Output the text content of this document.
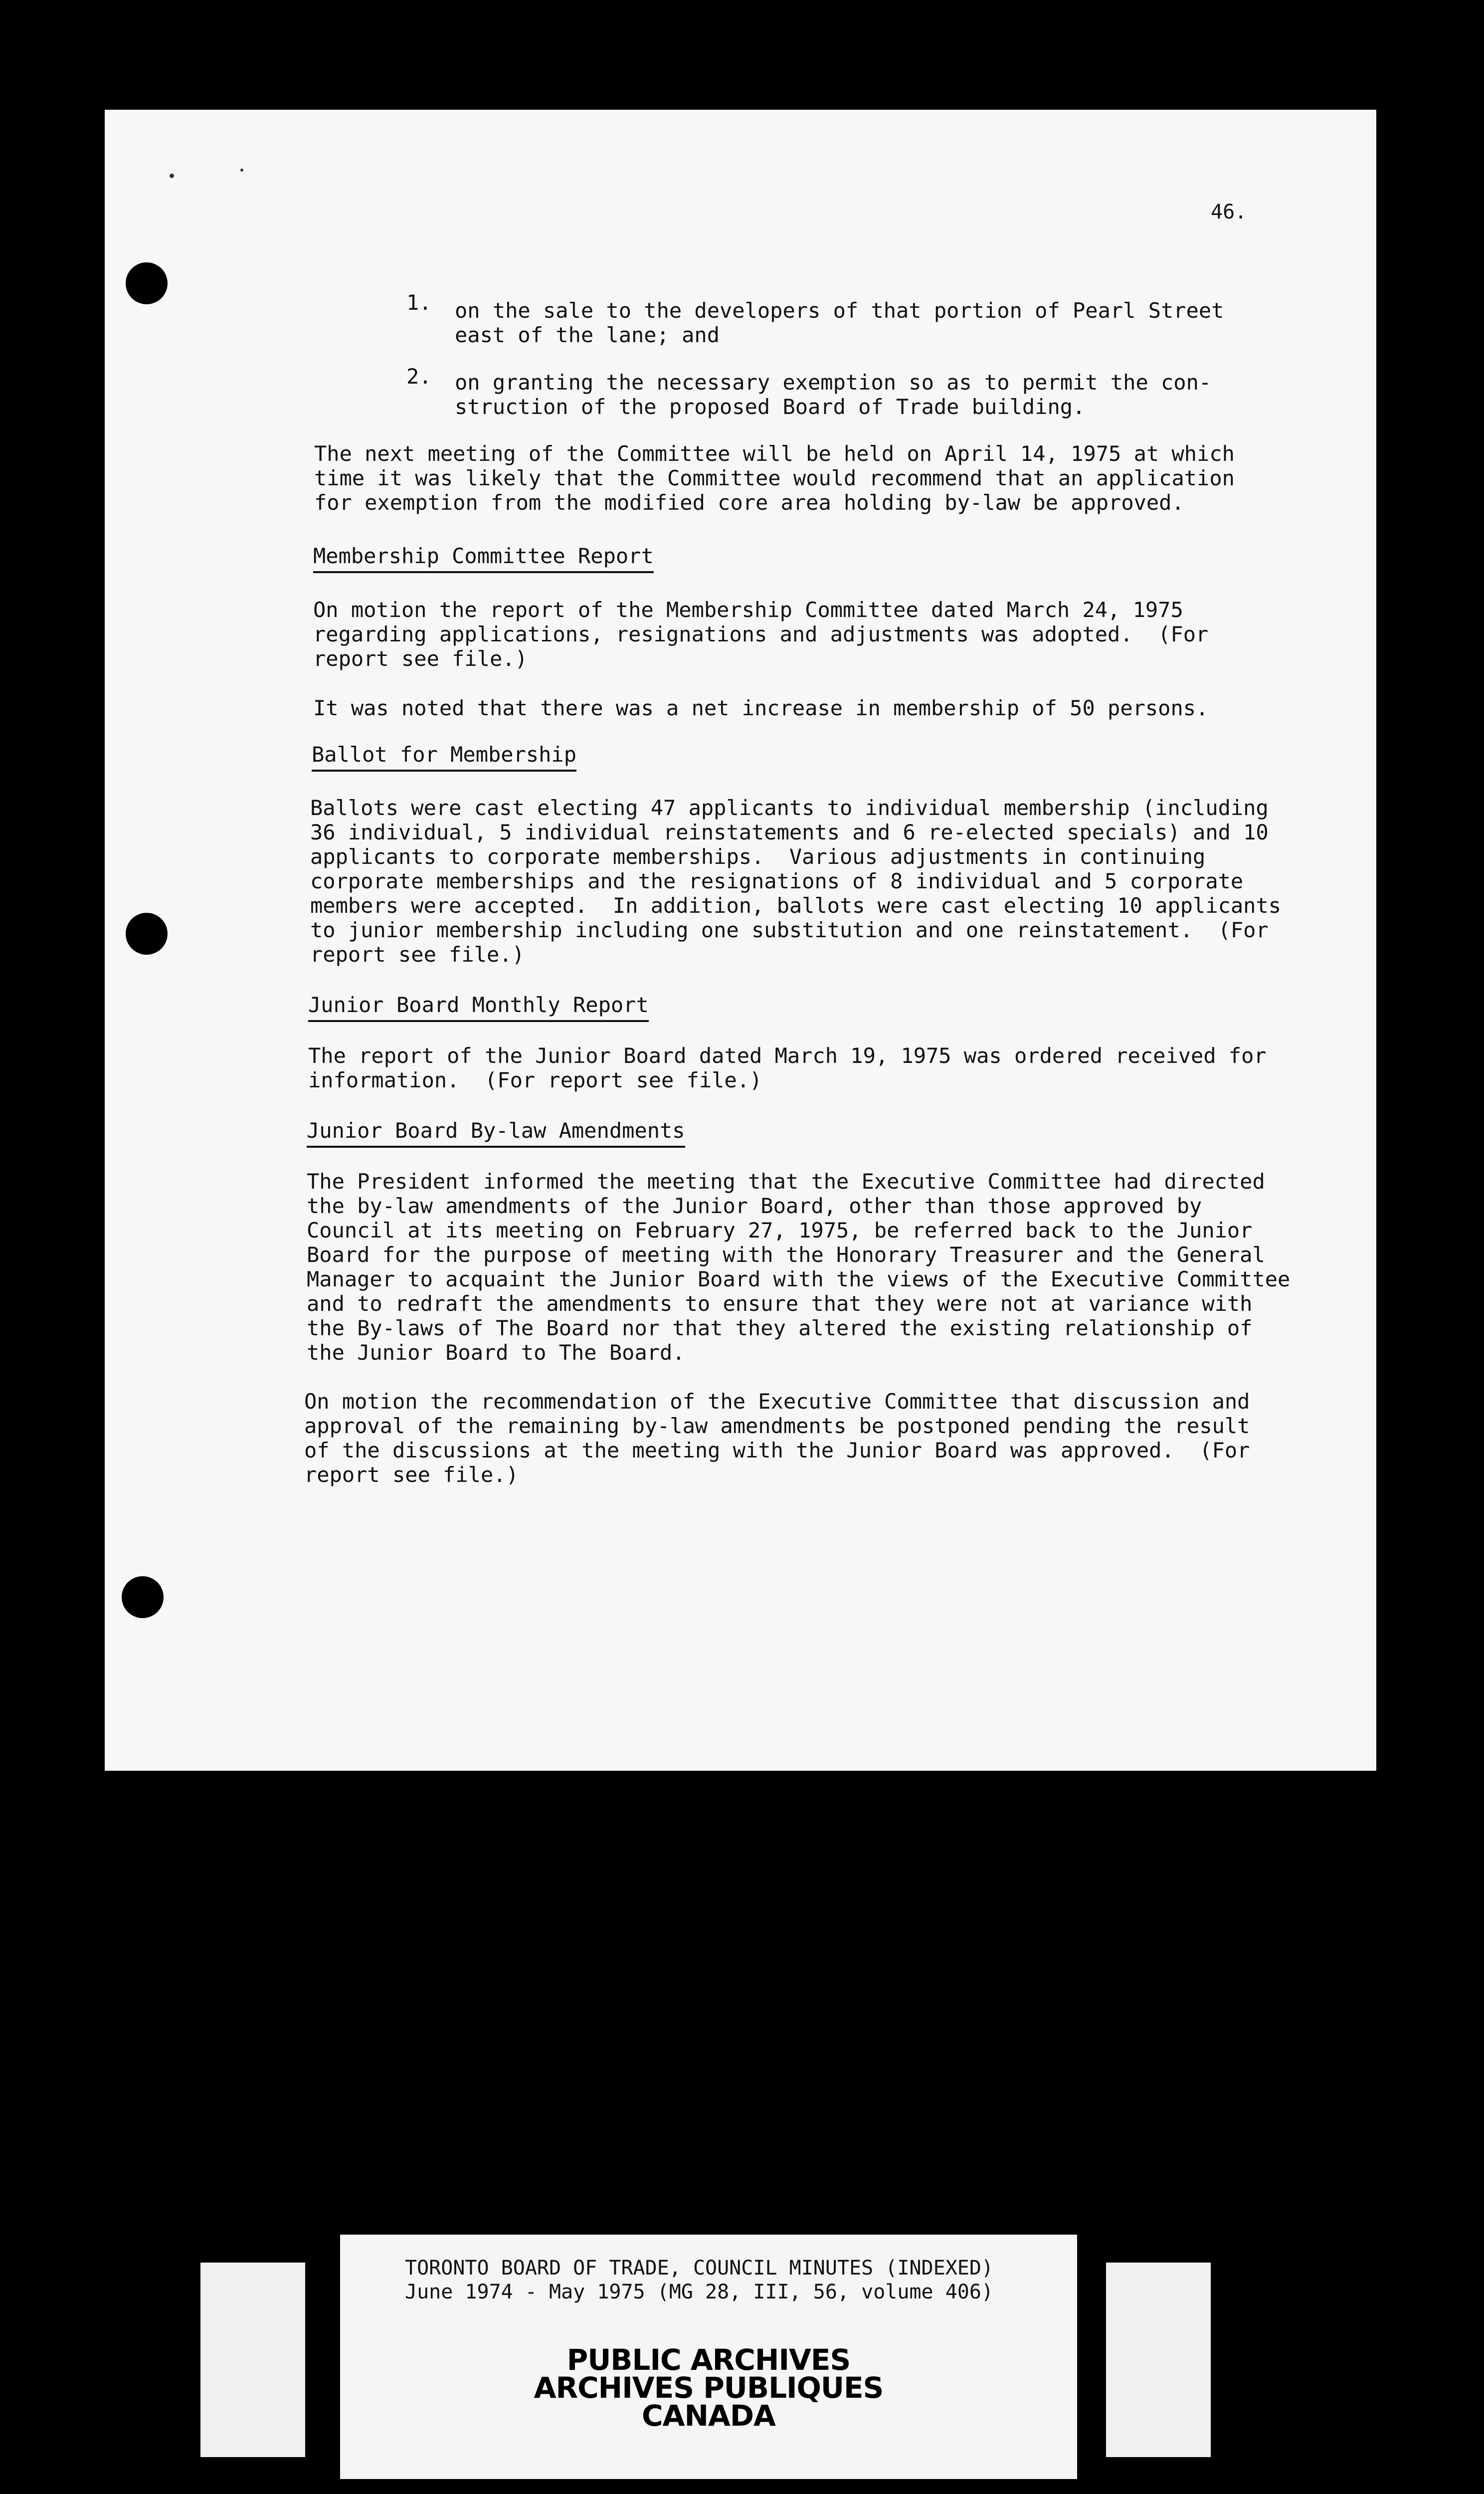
46.
1. on the sale to the developers of that portion of Pearl Street
east of the lane; and
2. on granting the necessary exemption so as to permit the con-
struction of the proposed Board of Trade building.
The next meeting of the Committee will be held on April 14, 1975 at which
time it was likely that the Committee would recommend that an application
for exemption from the modified core area holding by-law be approved.
Membership Committee Report
On motion the report of the Membership Committee dated March 24, 1975
regarding applications, resignations and adjustments was adopted.  (For
report see file.)
It was noted that there was a net increase in membership of 50 persons.
Ballot for Membership
Ballots were cast electing 47 applicants to individual membership (including
36 individual, 5 individual reinstatements and 6 re-elected specials) and 10
applicants to corporate memberships.  Various adjustments in continuing
corporate memberships and the resignations of 8 individual and 5 corporate
members were accepted.  In addition, ballots were cast electing 10 applicants
to junior membership including one substitution and one reinstatement.  (For
report see file.)
Junior Board Monthly Report
The report of the Junior Board dated March 19, 1975 was ordered received for
information.  (For report see file.)
Junior Board By-law Amendments
The President informed the meeting that the Executive Committee had directed
the by-law amendments of the Junior Board, other than those approved by
Council at its meeting on February 27, 1975, be referred back to the Junior
Board for the purpose of meeting with the Honorary Treasurer and the General
Manager to acquaint the Junior Board with the views of the Executive Committee
and to redraft the amendments to ensure that they were not at variance with
the By-laws of The Board nor that they altered the existing relationship of
the Junior Board to The Board.
On motion the recommendation of the Executive Committee that discussion and
approval of the remaining by-law amendments be postponed pending the result
of the discussions at the meeting with the Junior Board was approved.  (For
report see file.)
TORONTO BOARD OF TRADE, COUNCIL MINUTES (INDEXED)
June 1974 - May 1975 (MG 28, III, 56, volume 406)
PUBLIC ARCHIVES
ARCHIVES PUBLIQUES
CANADA
